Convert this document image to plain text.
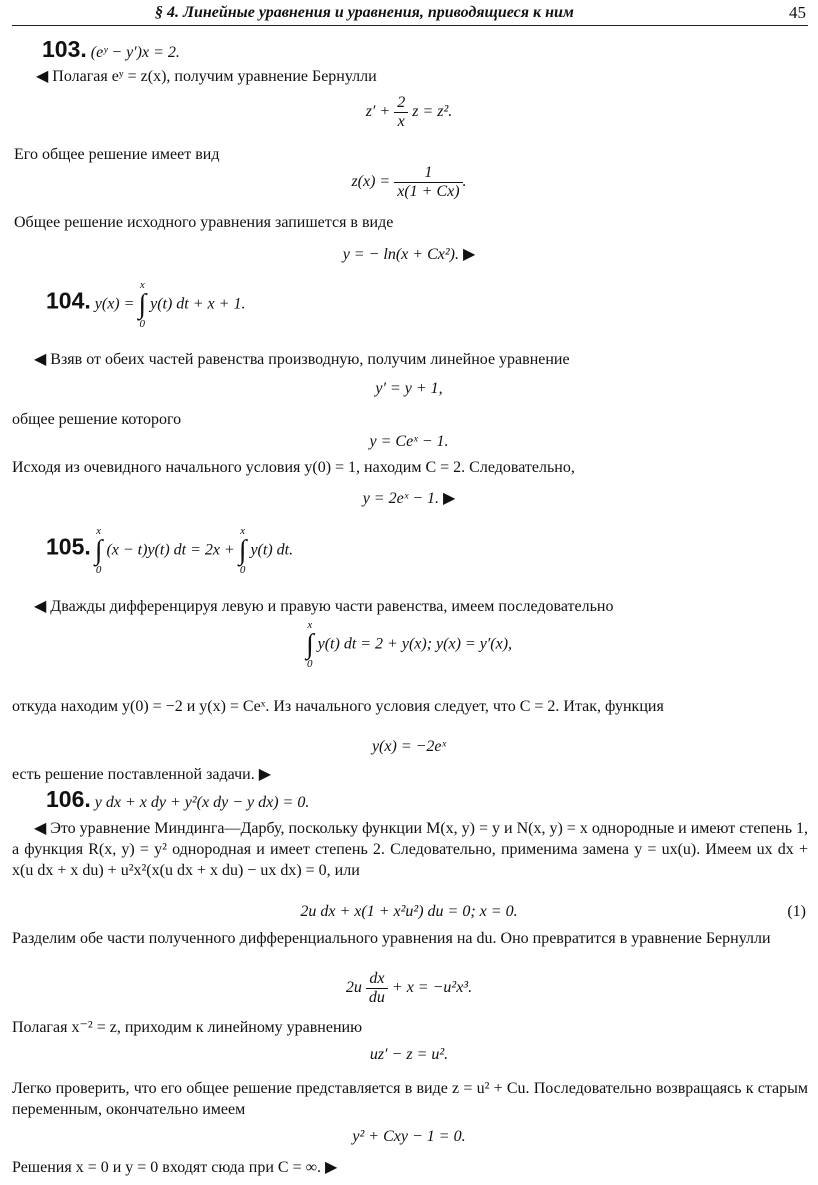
§ 4. Линейные уравнения и уравнения, приводящиеся к ним	45
103. (eʸ − y′)x = 2.
◀ Полагая eʸ = z(x), получим уравнение Бернулли
$z' + \frac{2}{x}$ z = z².
Его общее решение имеет вид
$z(x) = \frac{1}{x(1 + Cx)}$ .
Общее решение исходного уравнения запишется в виде
y = − ln(x + Cx²). ▶
104. y(x) =
x
∫
0
y(t) dt + x + 1.
◀ Взяв от обеих частей равенства производную, получим линейное уравнение
y′ = y + 1,
общее решение которого
y = Ceˣ − 1.
Исходя из очевидного начального условия y(0) = 1, находим C = 2. Следовательно,
y = 2eˣ − 1. ▶
105.
x
∫
0
(x − t)y(t) dt = 2x +
x
∫
0
y(t) dt.
◀ Дважды дифференцируя левую и правую части равенства, имеем последовательно
x
∫
0
y(t) dt = 2 + y(x); y(x) = y′(x),
откуда находим y(0) = −2 и y(x) = Ceˣ. Из начального условия следует, что C = 2. Итак, функция
y(x) = −2eˣ
есть решение поставленной задачи. ▶
106. y dx + x dy + y²(x dy − y dx) = 0.
◀ Это уравнение Миндинга—Дарбу, поскольку функции M(x, y) = y и N(x, y) = x однородные и имеют степень 1, а функция R(x, y) = y² однородная и имеет степень 2. Следовательно, применима замена y = ux(u). Имеем ux dx + x(u dx + x du) + u²x²(x(u dx + x du) − ux dx) = 0, или
2u dx + x(1 + x²u²) du = 0; x = 0.	(1)
Разделим обе части полученного дифференциального уравнения на du. Оно превратится в уравнение Бернулли
$2u \frac{dx}{du} + x = -u^2x^3$.
Полагая x⁻² = z, приходим к линейному уравнению
uz′ − z = u².
Легко проверить, что его общее решение представляется в виде z = u² + Cu. Последовательно возвращаясь к старым переменным, окончательно имеем
y² + Cxy − 1 = 0.
Решения x = 0 и y = 0 входят сюда при C = ∞. ▶
